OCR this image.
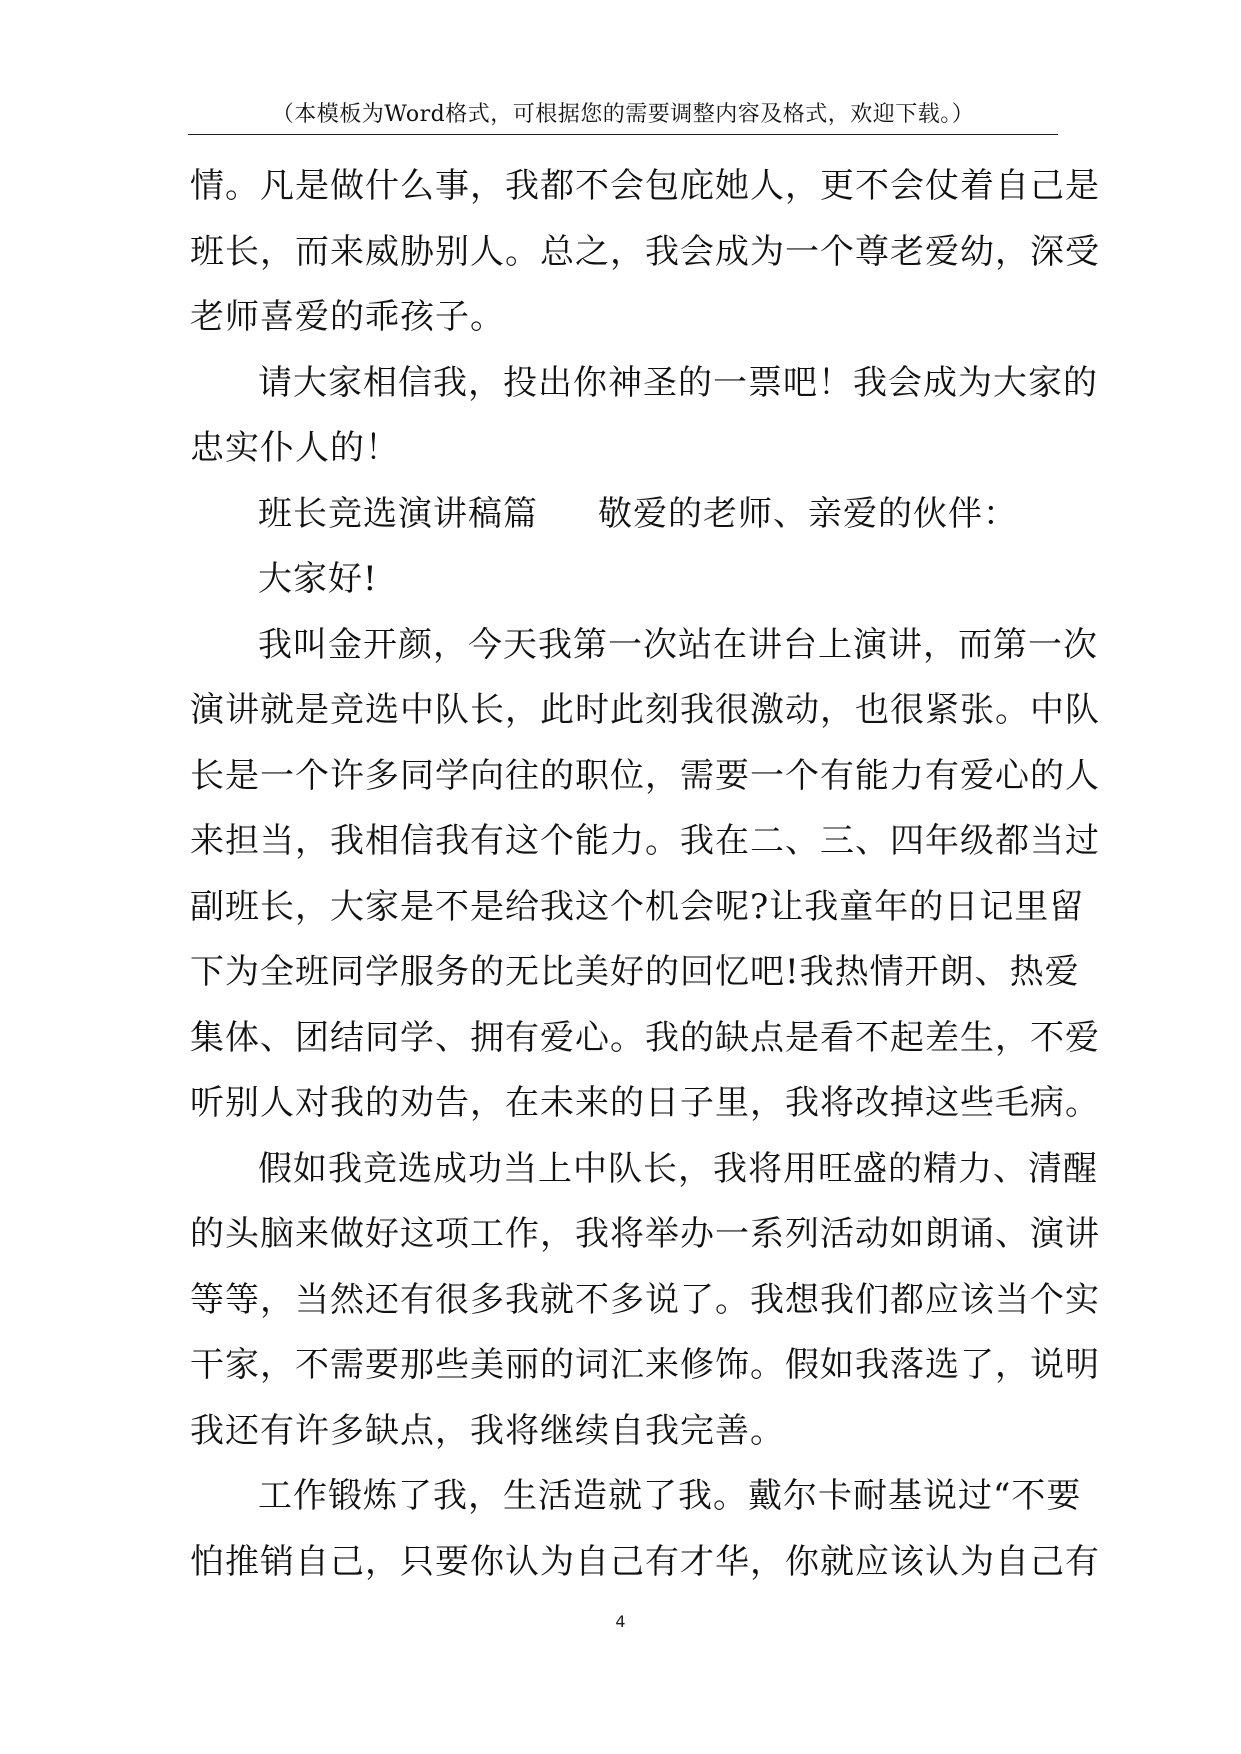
（本模板为Word格式，可根据您的需要调整内容及格式，欢迎下载。）
情。凡是做什么事，我都不会包庇她人，更不会仗着自己是
班长，而来威胁别人。总之，我会成为一个尊老爱幼，深受
老师喜爱的乖孩子。
请大家相信我，投出你神圣的一票吧！我会成为大家的
忠实仆人的！
班长竞选演讲稿篇 敬爱的老师、亲爱的伙伴：
大家好!
我叫金开颜，今天我第一次站在讲台上演讲，而第一次
演讲就是竞选中队长，此时此刻我很激动，也很紧张。中队
长是一个许多同学向往的职位，需要一个有能力有爱心的人
来担当，我相信我有这个能力。我在二、三、四年级都当过
副班长，大家是不是给我这个机会呢?让我童年的日记里留
下为全班同学服务的无比美好的回忆吧!我热情开朗、热爱
集体、团结同学、拥有爱心。我的缺点是看不起差生，不爱
听别人对我的劝告，在未来的日子里，我将改掉这些毛病。
假如我竞选成功当上中队长，我将用旺盛的精力、清醒
的头脑来做好这项工作，我将举办一系列活动如朗诵、演讲
等等，当然还有很多我就不多说了。我想我们都应该当个实
干家，不需要那些美丽的词汇来修饰。假如我落选了，说明
我还有许多缺点，我将继续自我完善。
工作锻炼了我，生活造就了我。戴尔卡耐基说过“不要
怕推销自己，只要你认为自己有才华，你就应该认为自己有
4
